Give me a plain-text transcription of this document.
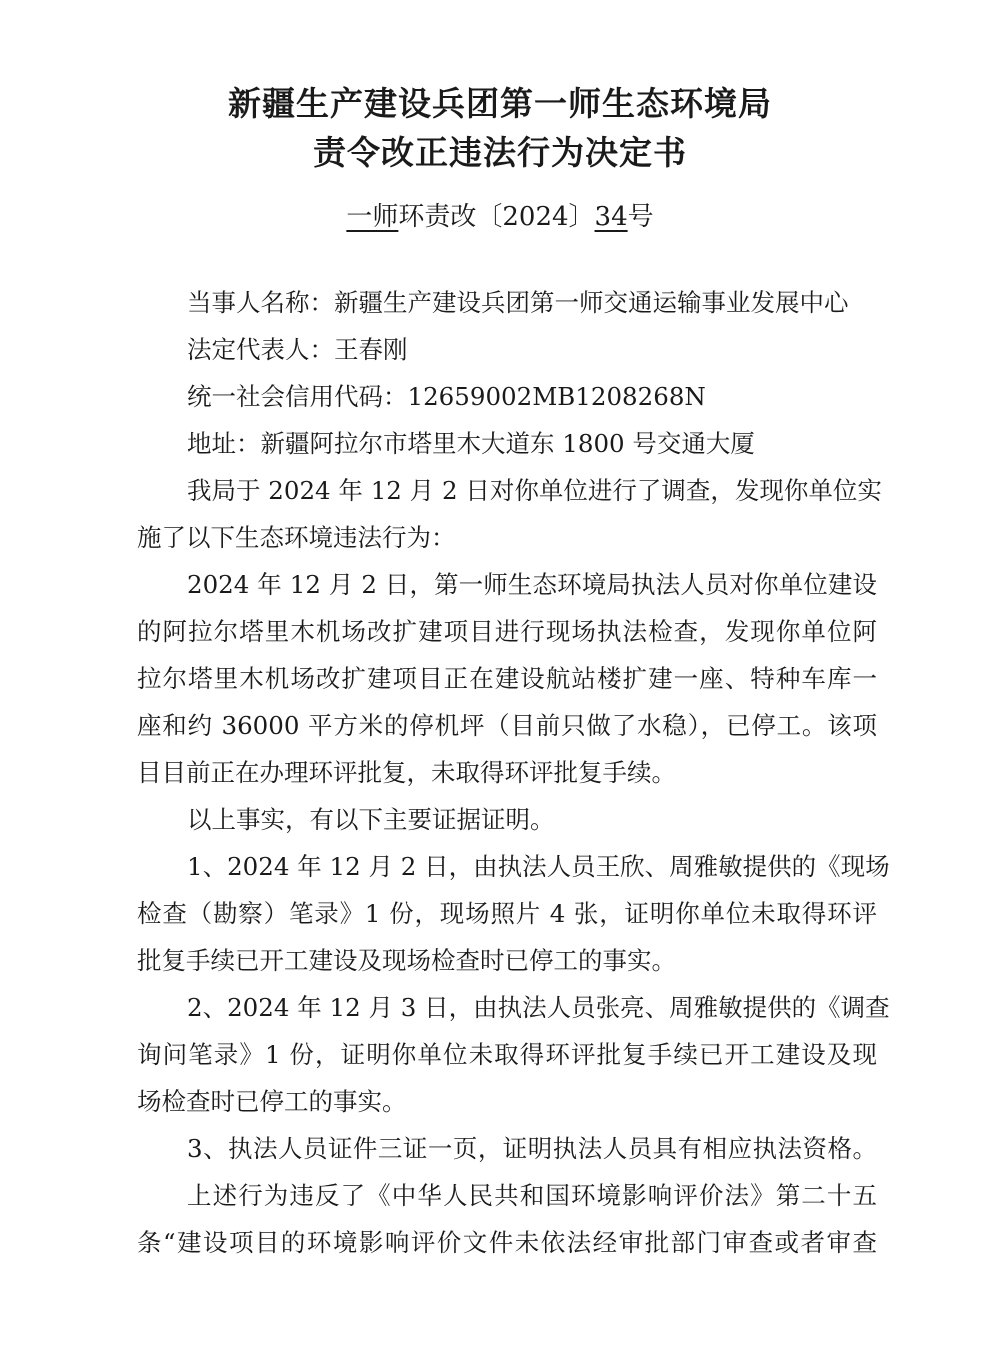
新疆生产建设兵团第一师生态环境局
责令改正违法行为决定书
一师环责改〔2024〕34号
当事人名称：新疆生产建设兵团第一师交通运输事业发展中心
法定代表人：王春刚
统一社会信用代码：12659002MB1208268N
地址：新疆阿拉尔市塔里木大道东 1800 号交通大厦
我局于 2024 年 12 月 2 日对你单位进行了调查，发现你单位实
施了以下生态环境违法行为：
2024 年 12 月 2 日，第一师生态环境局执法人员对你单位建设
的阿拉尔塔里木机场改扩建项目进行现场执法检查，发现你单位阿
拉尔塔里木机场改扩建项目正在建设航站楼扩建一座、特种车库一
座和约 36000 平方米的停机坪（目前只做了水稳），已停工。该项
目目前正在办理环评批复，未取得环评批复手续。
以上事实，有以下主要证据证明。
1、2024 年 12 月 2 日，由执法人员王欣、周雅敏提供的《现场
检查（勘察）笔录》1 份，现场照片 4 张，证明你单位未取得环评
批复手续已开工建设及现场检查时已停工的事实。
2、2024 年 12 月 3 日，由执法人员张亮、周雅敏提供的《调查
询问笔录》1 份，证明你单位未取得环评批复手续已开工建设及现
场检查时已停工的事实。
3、执法人员证件三证一页，证明执法人员具有相应执法资格。
上述行为违反了《中华人民共和国环境影响评价法》第二十五
条“建设项目的环境影响评价文件未依法经审批部门审查或者审查
